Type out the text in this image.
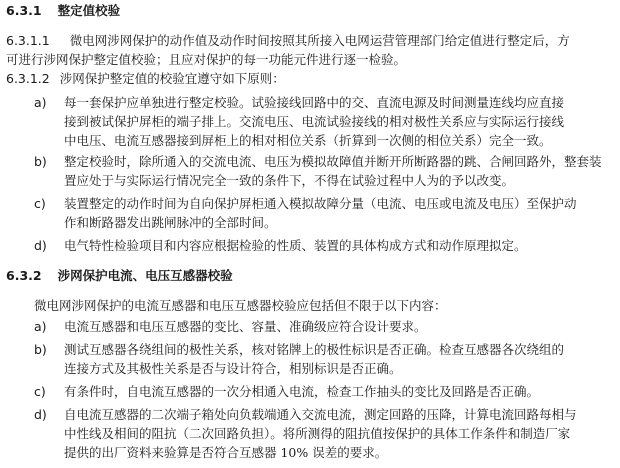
6.3.1 整定值校验
6.3.1.1 微电网涉网保护的动作值及动作时间按照其所接入电网运营管理部门给定值进行整定后，方
可进行涉网保护整定值校验；且应对保护的每一功能元件进行逐一检验。
6.3.1.2 涉网保护整定值的校验宜遵守如下原则：
a) 每一套保护应单独进行整定校验。试验接线回路中的交、直流电源及时间测量连线均应直接
接到被试保护屏柜的端子排上。交流电压、电流试验接线的相对极性关系应与实际运行接线
中电压、电流互感器接到屏柜上的相对相位关系（折算到一次侧的相位关系）完全一致。
b) 整定校验时，除所通入的交流电流、电压为模拟故障值并断开所断路器的跳、合闸回路外，整套装
置应处于与实际运行情况完全一致的条件下，不得在试验过程中人为的予以改变。
c) 装置整定的动作时间为自向保护屏柜通入模拟故障分量（电流、电压或电流及电压）至保护动
作和断路器发出跳闸脉冲的全部时间。
d) 电气特性检验项目和内容应根据检验的性质、装置的具体构成方式和动作原理拟定。
6.3.2 涉网保护电流、电压互感器校验
微电网涉网保护的电流互感器和电压互感器校验应包括但不限于以下内容：
a) 电流互感器和电压互感器的变比、容量、准确级应符合设计要求。
b) 测试互感器各绕组间的极性关系，核对铭牌上的极性标识是否正确。检查互感器各次绕组的
连接方式及其极性关系是否与设计符合，相别标识是否正确。
c) 有条件时，自电流互感器的一次分相通入电流，检查工作抽头的变比及回路是否正确。
d) 自电流互感器的二次端子箱处向负载端通入交流电流，测定回路的压降，计算电流回路每相与
中性线及相间的阻抗（二次回路负担）。将所测得的阻抗值按保护的具体工作条件和制造厂家
提供的出厂资料来验算是否符合互感器 10% 误差的要求。
